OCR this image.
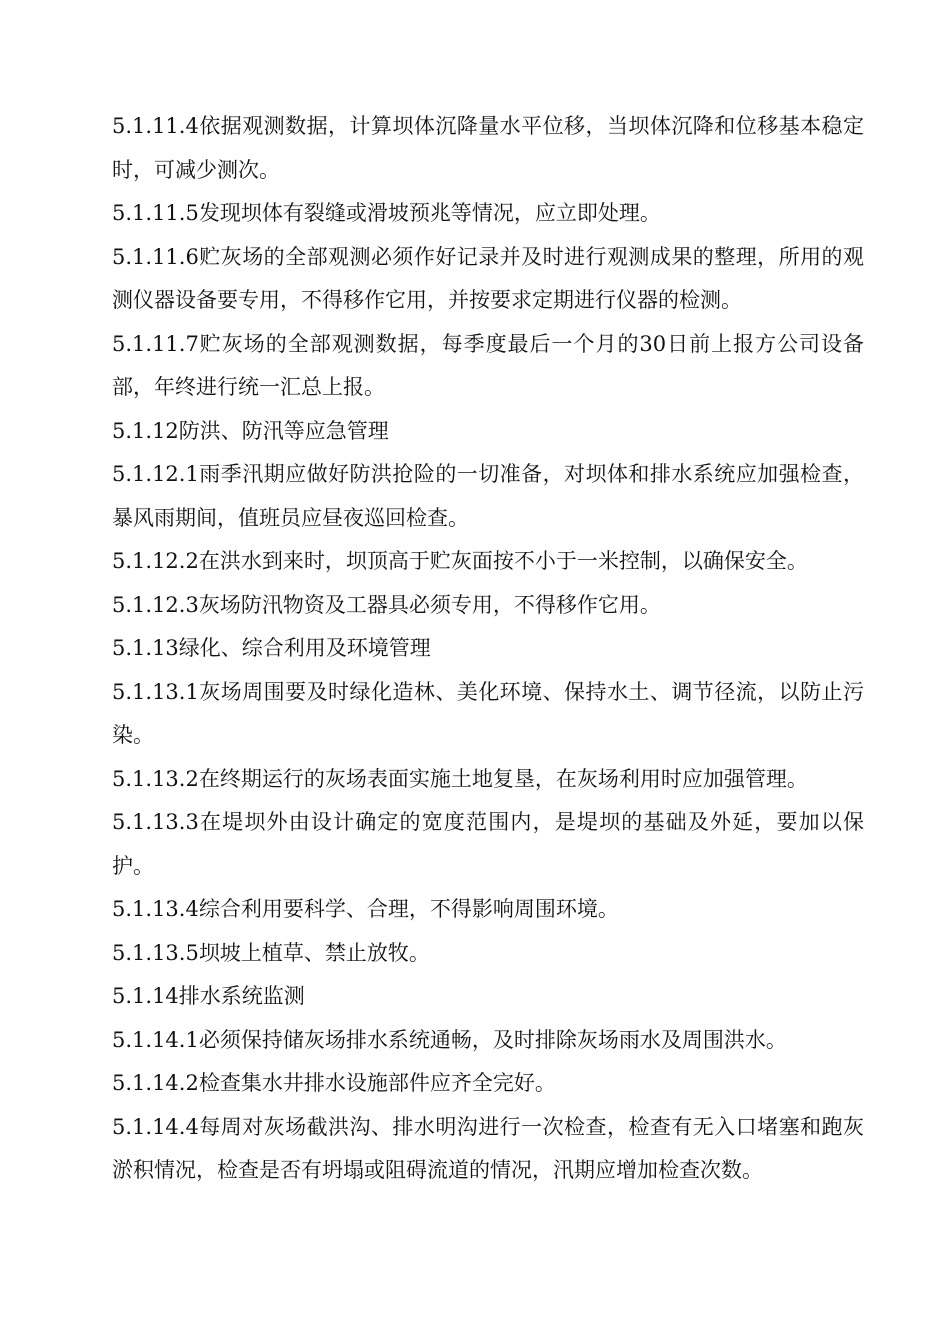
5.1.11.4依据观测数据，计算坝体沉降量水平位移，当坝体沉降和位移基本稳定时，可减少测次。

5.1.11.5发现坝体有裂缝或滑坡预兆等情况，应立即处理。

5.1.11.6贮灰场的全部观测必须作好记录并及时进行观测成果的整理，所用的观测仪器设备要专用，不得移作它用，并按要求定期进行仪器的检测。

5.1.11.7贮灰场的全部观测数据，每季度最后一个月的30日前上报方公司设备部，年终进行统一汇总上报。

5.1.12防洪、防汛等应急管理

5.1.12.1雨季汛期应做好防洪抢险的一切准备，对坝体和排水系统应加强检查，暴风雨期间，值班员应昼夜巡回检查。

5.1.12.2在洪水到来时，坝顶高于贮灰面按不小于一米控制，以确保安全。

5.1.12.3灰场防汛物资及工器具必须专用，不得移作它用。

5.1.13绿化、综合利用及环境管理

5.1.13.1灰场周围要及时绿化造林、美化环境、保持水土、调节径流，以防止污染。

5.1.13.2在终期运行的灰场表面实施土地复垦，在灰场利用时应加强管理。

5.1.13.3在堤坝外由设计确定的宽度范围内，是堤坝的基础及外延，要加以保护。

5.1.13.4综合利用要科学、合理，不得影响周围环境。

5.1.13.5坝坡上植草、禁止放牧。

5.1.14排水系统监测

5.1.14.1必须保持储灰场排水系统通畅，及时排除灰场雨水及周围洪水。

5.1.14.2检查集水井排水设施部件应齐全完好。

5.1.14.4每周对灰场截洪沟、排水明沟进行一次检查，检查有无入口堵塞和跑灰淤积情况，检查是否有坍塌或阻碍流道的情况，汛期应增加检查次数。
